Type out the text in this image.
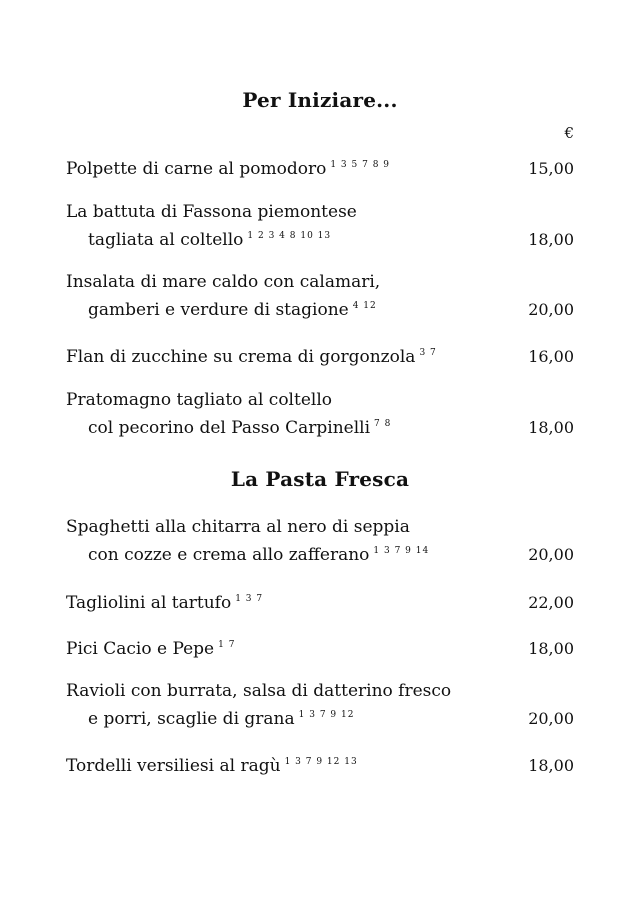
Per Iniziare...
€
Polpette di carne al pomodoro $^{1 3 5 7 8 9}$	15,00
La battuta di Fassona piemontese
tagliata al coltello $^{1 2 3 4 8 10 13}$	18,00
Insalata di mare caldo con calamari,
gamberi e verdure di stagione $^{4 12}$	20,00
Flan di zucchine su crema di gorgonzola $^{3 7}$	16,00
Pratomagno tagliato al coltello
col pecorino del Passo Carpinelli $^{7 8}$	18,00
La Pasta Fresca
Spaghetti alla chitarra al nero di seppia
con cozze e crema allo zafferano $^{1 3 7 9 14}$	20,00
Tagliolini al tartufo $^{1 3 7}$	22,00
Pici Cacio e Pepe $^{1 7}$	18,00
Ravioli con burrata, salsa di datterino fresco
e porri, scaglie di grana $^{1 3 7 9 12}$	20,00
Tordelli versiliesi al ragù $^{1 3 7 9 12 13}$	18,00
